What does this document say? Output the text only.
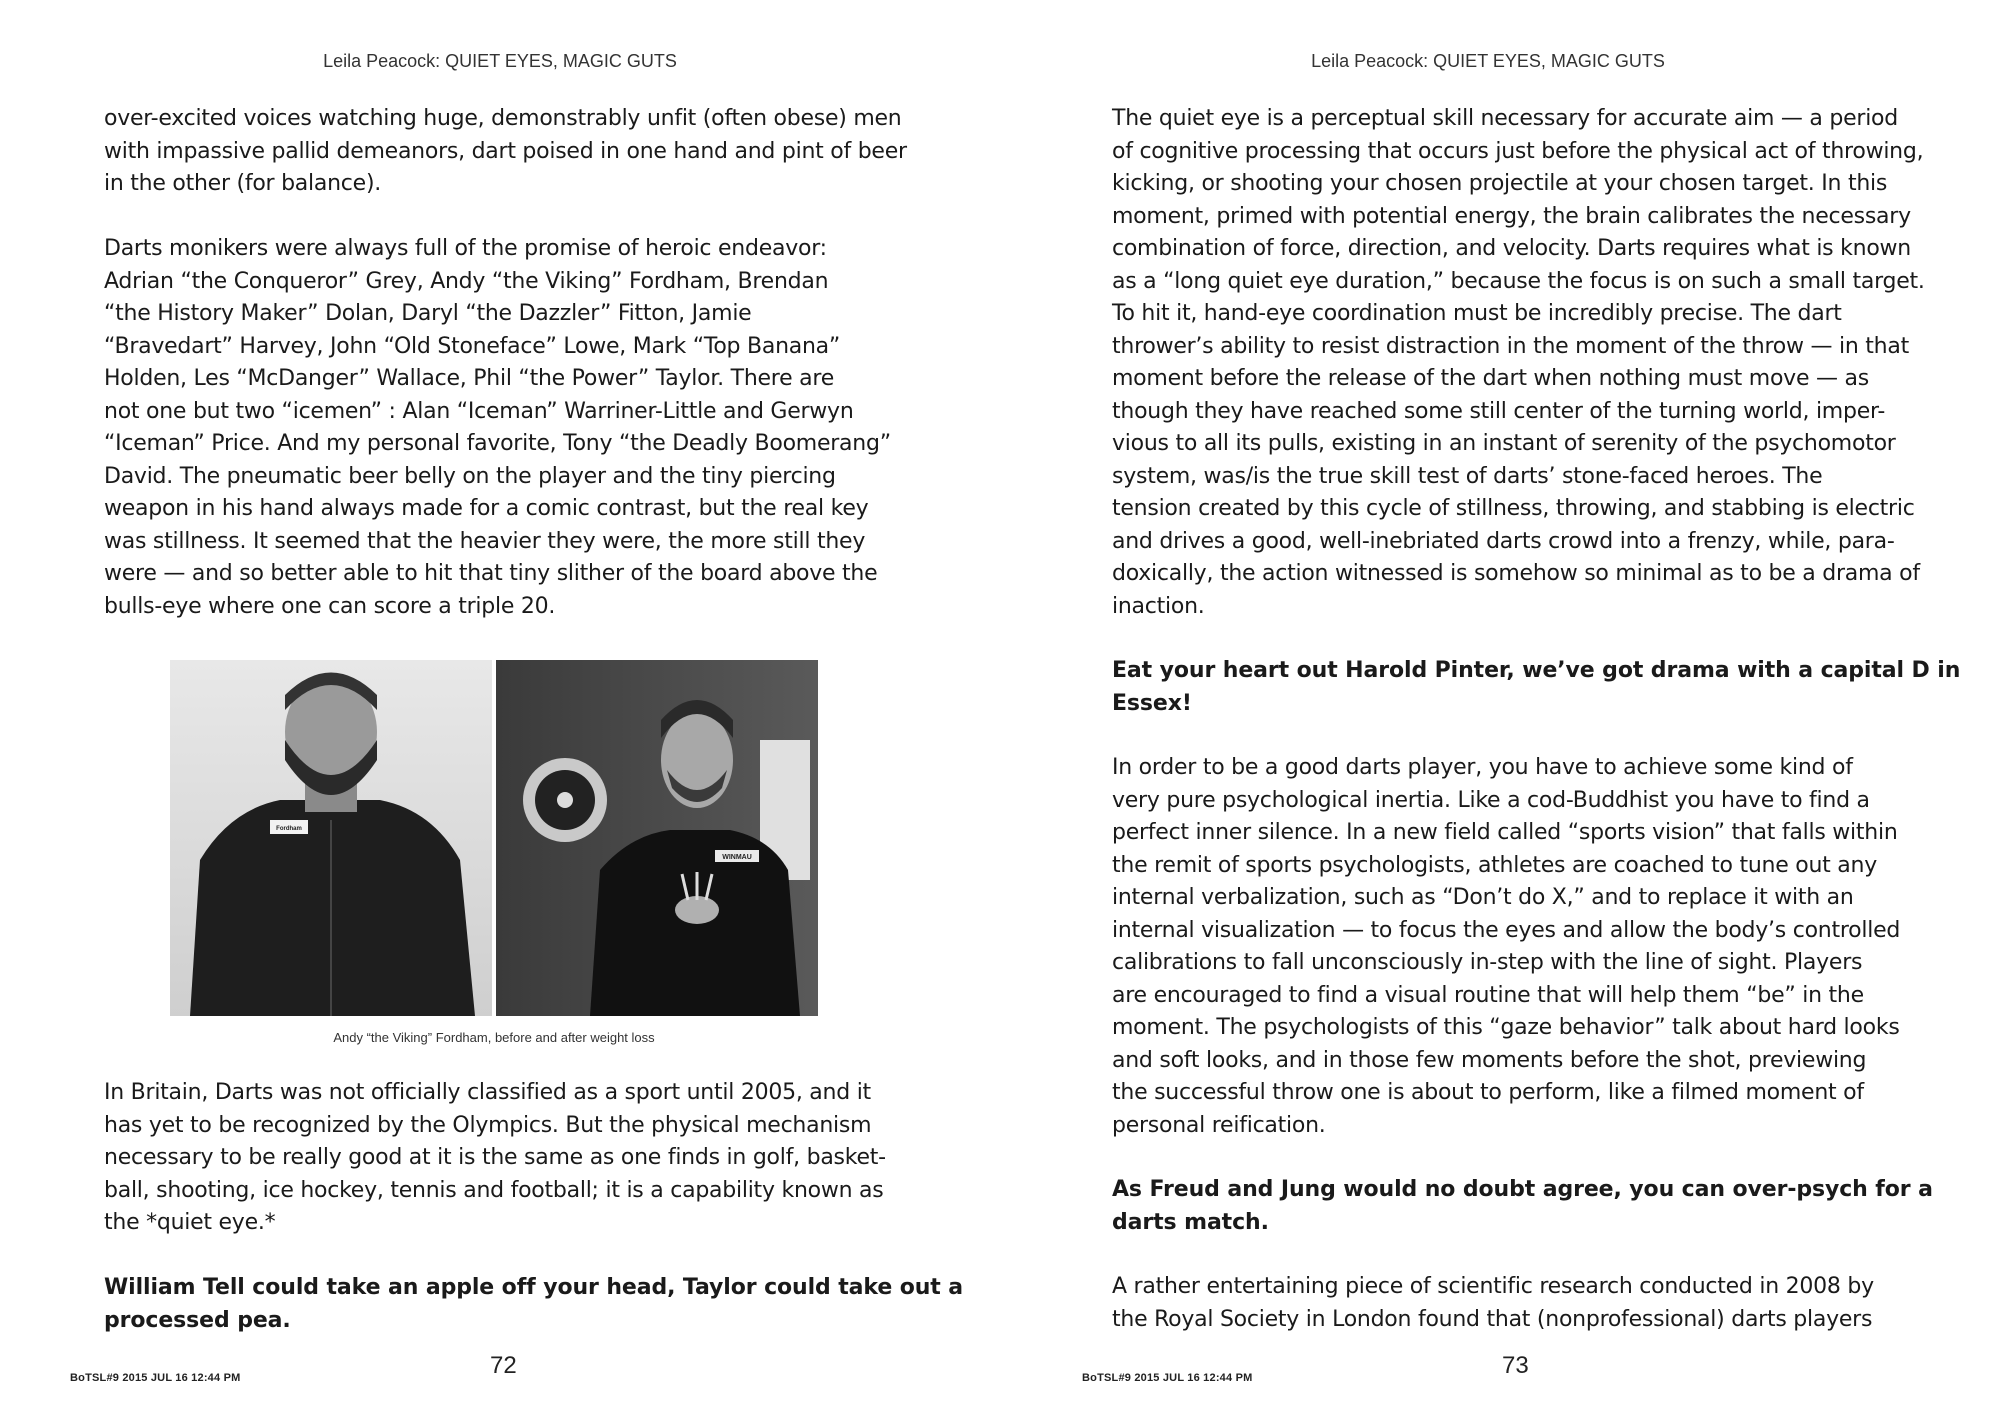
Leila Peacock: QUIET EYES, MAGIC GUTS
over-excited voices watching huge, demonstrably unfit (often obese) men
with impassive pallid demeanors, dart poised in one hand and pint of beer
in the other (for balance).
Darts monikers were always full of the promise of heroic endeavor:
Adrian “the Conqueror” Grey, Andy “the Viking” Fordham, Brendan
“the History Maker” Dolan, Daryl “the Dazzler” Fitton, Jamie
“Bravedart” Harvey, John “Old Stoneface” Lowe, Mark “Top Banana”
Holden, Les “McDanger” Wallace, Phil “the Power” Taylor. There are
not one but two “icemen” : Alan “Iceman” Warriner-Little and Gerwyn
“Iceman” Price. And my personal favorite, Tony “the Deadly Boomerang”
David. The pneumatic beer belly on the player and the tiny piercing
weapon in his hand always made for a comic contrast, but the real key
was stillness. It seemed that the heavier they were, the more still they
were — and so better able to hit that tiny slither of the board above the
bulls-eye where one can score a triple 20.
WINMAU
Fordham
Andy “the Viking” Fordham, before and after weight loss
In Britain, Darts was not officially classified as a sport until 2005, and it
has yet to be recognized by the Olympics. But the physical mechanism
necessary to be really good at it is the same as one finds in golf, basket-
ball, shooting, ice hockey, tennis and football; it is a capability known as
the *quiet eye.*
William Tell could take an apple off your head, Taylor could take out a
processed pea.
72
BoTSL#9 2015 JUL 16 12:44 PM
Leila Peacock: QUIET EYES, MAGIC GUTS
The quiet eye is a perceptual skill necessary for accurate aim — a period
of cognitive processing that occurs just before the physical act of throwing,
kicking, or shooting your chosen projectile at your chosen target. In this
moment, primed with potential energy, the brain calibrates the necessary
combination of force, direction, and velocity. Darts requires what is known
as a “long quiet eye duration,” because the focus is on such a small target.
To hit it, hand-eye coordination must be incredibly precise. The dart
thrower’s ability to resist distraction in the moment of the throw — in that
moment before the release of the dart when nothing must move — as
though they have reached some still center of the turning world, imper-
vious to all its pulls, existing in an instant of serenity of the psychomotor
system, was/is the true skill test of darts’ stone-faced heroes. The
tension created by this cycle of stillness, throwing, and stabbing is electric
and drives a good, well-inebriated darts crowd into a frenzy, while, para-
doxically, the action witnessed is somehow so minimal as to be a drama of
inaction.
Eat your heart out Harold Pinter, we’ve got drama with a capital D in
Essex!
In order to be a good darts player, you have to achieve some kind of
very pure psychological inertia. Like a cod-Buddhist you have to find a
perfect inner silence. In a new field called “sports vision” that falls within
the remit of sports psychologists, athletes are coached to tune out any
internal verbalization, such as “Don’t do X,” and to replace it with an
internal visualization — to focus the eyes and allow the body’s controlled
calibrations to fall unconsciously in-step with the line of sight. Players
are encouraged to find a visual routine that will help them “be” in the
moment. The psychologists of this “gaze behavior” talk about hard looks
and soft looks, and in those few moments before the shot, previewing
the successful throw one is about to perform, like a filmed moment of
personal reification.
As Freud and Jung would no doubt agree, you can over-psych for a
darts match.
A rather entertaining piece of scientific research conducted in 2008 by
the Royal Society in London found that (nonprofessional) darts players
73
BoTSL#9 2015 JUL 16 12:44 PM
